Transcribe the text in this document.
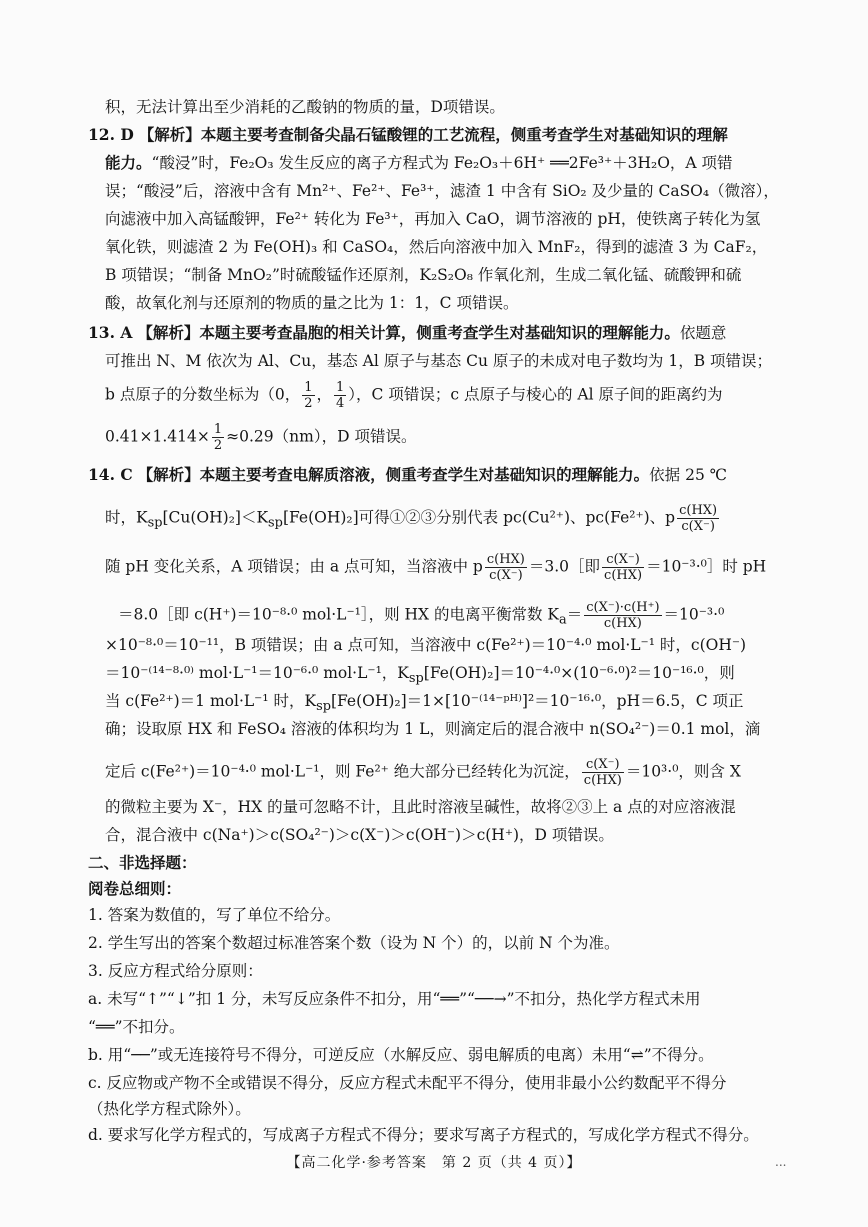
积，无法计算出至少消耗的乙酸钠的物质的量，D项错误。
12. D 【解析】本题主要考查制备尖晶石锰酸锂的工艺流程，侧重考查学生对基础知识的理解
能力。“酸浸”时，Fe₂O₃ 发生反应的离子方程式为 Fe₂O₃＋6H⁺ ══2Fe³⁺＋3H₂O，A 项错
误；“酸浸”后，溶液中含有 Mn²⁺、Fe²⁺、Fe³⁺，滤渣 1 中含有 SiO₂ 及少量的 CaSO₄（微溶），
向滤液中加入高锰酸钾，Fe²⁺ 转化为 Fe³⁺，再加入 CaO，调节溶液的 pH，使铁离子转化为氢
氧化铁，则滤渣 2 为 Fe(OH)₃ 和 CaSO₄，然后向溶液中加入 MnF₂，得到的滤渣 3 为 CaF₂，
B 项错误；“制备 MnO₂”时硫酸锰作还原剂，K₂S₂O₈ 作氧化剂，生成二氧化锰、硫酸钾和硫
酸，故氧化剂与还原剂的物质的量之比为 1：1，C 项错误。
13. A 【解析】本题主要考查晶胞的相关计算，侧重考查学生对基础知识的理解能力。依题意
可推出 N、M 依次为 Al、Cu，基态 Al 原子与基态 Cu 原子的未成对电子数均为 1，B 项错误；
b 点原子的分数坐标为（0， $\frac{1}{2}$ ， $\frac{1}{4}$ ），C 项错误；c 点原子与棱心的 Al 原子间的距离约为
$0.41\times 1.414\times \frac{1}{2} \approx 0.29(nm)$，D 项错误。
14. C 【解析】本题主要考查电解质溶液，侧重考查学生对基础知识的理解能力。依据 25 ℃
时，$K_{sp}[Cu(OH)_2]<K_{sp}[Fe(OH)_2]$可得①②③分别代表 pc(Cu²⁺)、pc(Fe²⁺)、p $\frac{c(HX)}{c(X^-)}$
随 pH 变化关系，A 项错误；由 a 点可知，当溶液中 p $\frac{c(HX)}{c(X^-)}$ ＝3.0［即 $\frac{c(X^-)}{c(HX)}$ ＝10⁻³·⁰］时 pH
＝8.0［即 c(H⁺)＝10⁻⁸·⁰ mol·L⁻¹］，则 HX 的电离平衡常数 $K_a= \frac{c(X^-)\cdot c(H^+)}{c(HX)} =10^{-3}\cdot^0$
×10⁻⁸·⁰＝10⁻¹¹，B 项错误；由 a 点可知，当溶液中 c(Fe²⁺)＝10⁻⁴·⁰ mol·L⁻¹ 时，c(OH⁻)
＝10⁻⁽¹⁴⁻⁸·⁰⁾ mol·L⁻¹＝10⁻⁶·⁰ mol·L⁻¹，$K_{sp}[Fe(OH)_2]=10^{-4}\cdot^0\times(10^{-6}\cdot^0)^2=10^{-16}\cdot^0$，则
当 c(Fe²⁺)＝1 mol·L⁻¹ 时，$K_{sp}[Fe(OH)_2]=1\times[10^{-(14-}ᵖᴴ^)]^2=10^{-16}\cdot^0$，pH＝6.5，C 项正
确；设取原 HX 和 FeSO₄ 溶液的体积均为 1 L，则滴定后的混合液中 n(SO₄²⁻)＝0.1 mol，滴
定后 c(Fe²⁺)＝10⁻⁴·⁰ mol·L⁻¹，则 Fe²⁺ 绝大部分已经转化为沉淀， $\frac{c(X^-)}{c(HX)} =10^3\cdot^0$，则含 X
的微粒主要为 X⁻，HX 的量可忽略不计，且此时溶液呈碱性，故将②③上 a 点的对应溶液混
合，混合液中 c(Na⁺)＞c(SO₄²⁻)＞c(X⁻)＞c(OH⁻)＞c(H⁺)，D 项错误。
二、非选择题：
阅卷总细则：
1. 答案为数值的，写了单位不给分。
2. 学生写出的答案个数超过标准答案个数（设为 N 个）的，以前 N 个为准。
3. 反应方程式给分原则：
a. 未写“↑”“↓”扣 1 分，未写反应条件不扣分，用“══”“──→”不扣分，热化学方程式未用
“══”不扣分。
b. 用“──”或无连接符号不得分，可逆反应（水解反应、弱电解质的电离）未用“⇌”不得分。
c. 反应物或产物不全或错误不得分，反应方程式未配平不得分，使用非最小公约数配平不得分
（热化学方程式除外）。
d. 要求写化学方程式的，写成离子方程式不得分；要求写离子方程式的，写成化学方程式不得分。
【高二化学·参考答案　第 2 页（共 4 页）】	...
